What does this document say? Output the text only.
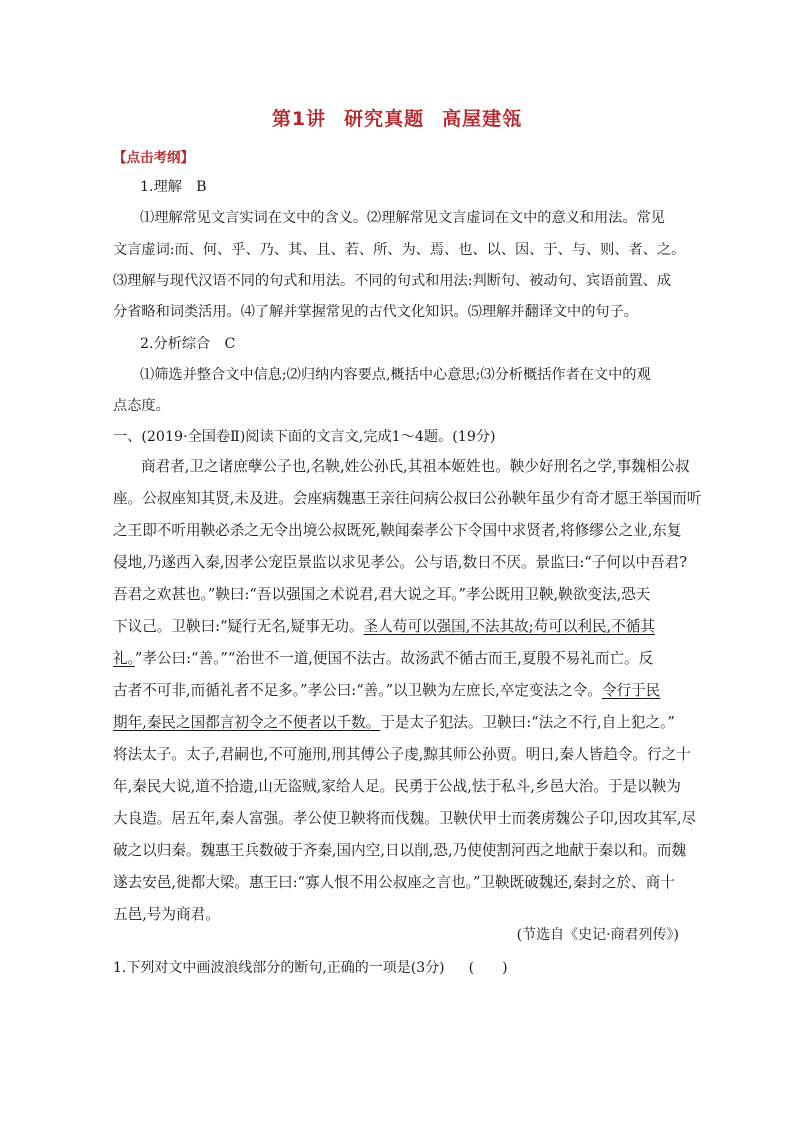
第1讲 研究真题 高屋建瓴
【点击考纲】
1.理解　B
⑴理解常见文言实词在文中的含义。⑵理解常见文言虚词在文中的意义和用法。常见
文言虚词:而、何、乎、乃、其、且、若、所、为、焉、也、以、因、于、与、则、者、之。
⑶理解与现代汉语不同的句式和用法。不同的句式和用法:判断句、被动句、宾语前置、成
分省略和词类活用。⑷了解并掌握常见的古代文化知识。⑸理解并翻译文中的句子。
2.分析综合　C
⑴筛选并整合文中信息;⑵归纳内容要点,概括中心意思;⑶分析概括作者在文中的观
点态度。
一、(2019·全国卷Ⅱ)阅读下面的文言文,完成1～4题。(19分)
商君者,卫之诸庶孽公子也,名鞅,姓公孙氏,其祖本姬姓也。鞅少好刑名之学,事魏相公叔
座。公叔座知其贤,未及进。会座病魏惠王亲往问病公叔曰公孙鞅年虽少有奇才愿王举国而听
之王即不听用鞅必杀之无令出境公叔既死,鞅闻秦孝公下令国中求贤者,将修缪公之业,东复
侵地,乃遂西入秦,因孝公宠臣景监以求见孝公。公与语,数日不厌。景监曰:“子何以中吾君?
吾君之欢甚也。”鞅曰:“吾以强国之术说君,君大说之耳。”孝公既用卫鞅,鞅欲变法,恐天
下议己。卫鞅曰:“疑行无名,疑事无功。圣人苟可以强国,不法其故;苟可以利民,不循其
礼。”孝公曰:“善。”“治世不一道,便国不法古。故汤武不循古而王,夏殷不易礼而亡。反
古者不可非,而循礼者不足多。”孝公曰:“善。”以卫鞅为左庶长,卒定变法之令。令行于民
期年,秦民之国都言初令之不便者以千数。于是太子犯法。卫鞅曰:“法之不行,自上犯之。”
将法太子。太子,君嗣也,不可施刑,刑其傅公子虔,黥其师公孙贾。明日,秦人皆趋令。行之十
年,秦民大说,道不拾遗,山无盗贼,家给人足。民勇于公战,怯于私斗,乡邑大治。于是以鞅为
大良造。居五年,秦人富强。孝公使卫鞅将而伐魏。卫鞅伏甲士而袭虏魏公子卬,因攻其军,尽
破之以归秦。魏惠王兵数破于齐秦,国内空,日以削,恐,乃使使割河西之地献于秦以和。而魏
遂去安邑,徙都大梁。惠王曰:“寡人恨不用公叔座之言也。”卫鞅既破魏还,秦封之於、商十
五邑,号为商君。
(节选自《史记·商君列传》)
1.下列对文中画波浪线部分的断句,正确的一项是(3分) (　　)
